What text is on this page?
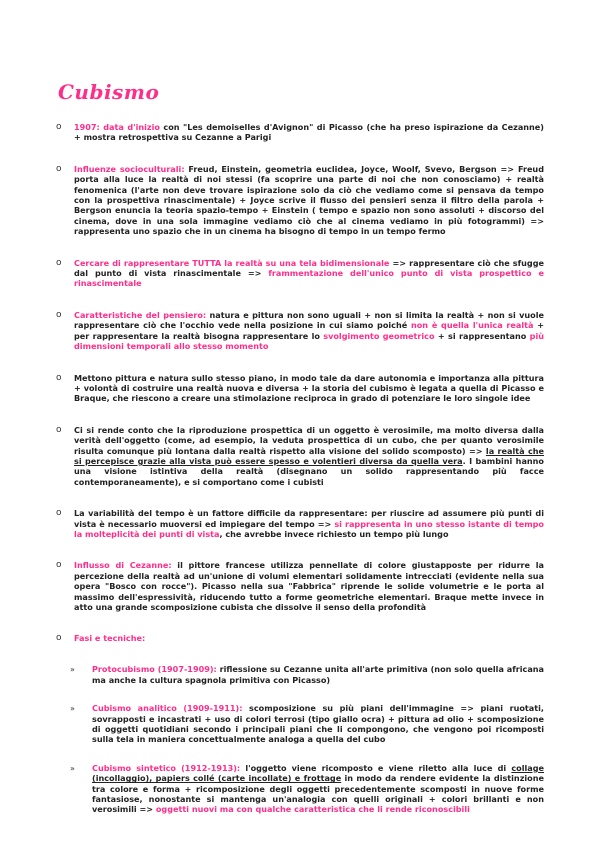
Cubismo
o	1907: data d'inizio con "Les demoiselles d'Avignon" di Picasso (che ha preso ispirazione da Cezanne) + mostra retrospettiva su Cezanne a Parigi
o	Influenze socioculturali: Freud, Einstein, geometria euclidea, Joyce, Woolf, Svevo, Bergson => Freud porta alla luce la realtà di noi stessi (fa scoprire una parte di noi che non conosciamo) + realtà fenomenica (l'arte non deve trovare ispirazione solo da ciò che vediamo come si pensava da tempo con la prospettiva rinascimentale) + Joyce scrive il flusso dei pensieri senza il filtro della parola + Bergson enuncia la teoria spazio-tempo + Einstein ( tempo e spazio non sono assoluti + discorso del cinema, dove in una sola immagine vediamo ciò che al cinema vediamo in più fotogrammi) => rappresenta uno spazio che in un cinema ha bisogno di tempo in un tempo fermo
o	Cercare di rappresentare TUTTA la realtà su una tela bidimensionale => rappresentare ciò che sfugge dal punto di vista rinascimentale => frammentazione dell'unico punto di vista prospettico e rinascimentale
o	Caratteristiche del pensiero: natura e pittura non sono uguali + non si limita la realtà + non si vuole rappresentare ciò che l'occhio vede nella posizione in cui siamo poiché non è quella l'unica realtà + per rappresentare la realtà bisogna rappresentare lo svolgimento geometrico + si rappresentano più dimensioni temporali allo stesso momento
o	Mettono pittura e natura sullo stesso piano, in modo tale da dare autonomia e importanza alla pittura + volontà di costruire una realtà nuova e diversa + la storia del cubismo è legata a quella di Picasso e Braque, che riescono a creare una stimolazione reciproca in grado di potenziare le loro singole idee
o	Ci si rende conto che la riproduzione prospettica di un oggetto è verosimile, ma molto diversa dalla verità dell'oggetto (come, ad esempio, la veduta prospettica di un cubo, che per quanto verosimile risulta comunque più lontana dalla realtà rispetto alla visione del solido scomposto) => la realtà che si percepisce grazie alla vista può essere spesso e volentieri diversa da quella vera. I bambini hanno una visione istintiva della realtà (disegnano un solido rappresentando più facce contemporaneamente), e si comportano come i cubisti
o	La variabilità del tempo è un fattore difficile da rappresentare: per riuscire ad assumere più punti di vista è necessario muoversi ed impiegare del tempo => si rappresenta in uno stesso istante di tempo la molteplicità dei punti di vista, che avrebbe invece richiesto un tempo più lungo
o	Influsso di Cezanne: il pittore francese utilizza pennellate di colore giustapposte per ridurre la percezione della realtà ad un'unione di volumi elementari solidamente intrecciati (evidente nella sua opera "Bosco con rocce"). Picasso nella sua "Fabbrica" riprende le solide volumetrie e le porta al massimo dell'espressività, riducendo tutto a forme geometriche elementari. Braque mette invece in atto una grande scomposizione cubista che dissolve il senso della profondità
o	Fasi e tecniche:
»	Protocubismo (1907-1909): riflessione su Cezanne unita all'arte primitiva (non solo quella africana ma anche la cultura spagnola primitiva con Picasso)
»	Cubismo analitico (1909-1911): scomposizione su più piani dell'immagine => piani ruotati, sovrapposti e incastrati + uso di colori terrosi (tipo giallo ocra) + pittura ad olio + scomposizione di oggetti quotidiani secondo i principali piani che li compongono, che vengono poi ricomposti sulla tela in maniera concettualmente analoga a quella del cubo
»	Cubismo sintetico (1912-1913): l'oggetto viene ricomposto e viene riletto alla luce di collage (incollaggio), papiers collé (carte incollate) e frottage in modo da rendere evidente la distinzione tra colore e forma + ricomposizione degli oggetti precedentemente scomposti in nuove forme fantasiose, nonostante si mantenga un'analogia con quelli originali + colori brillanti e non verosimili => oggetti nuovi ma con qualche caratteristica che li rende riconoscibili
